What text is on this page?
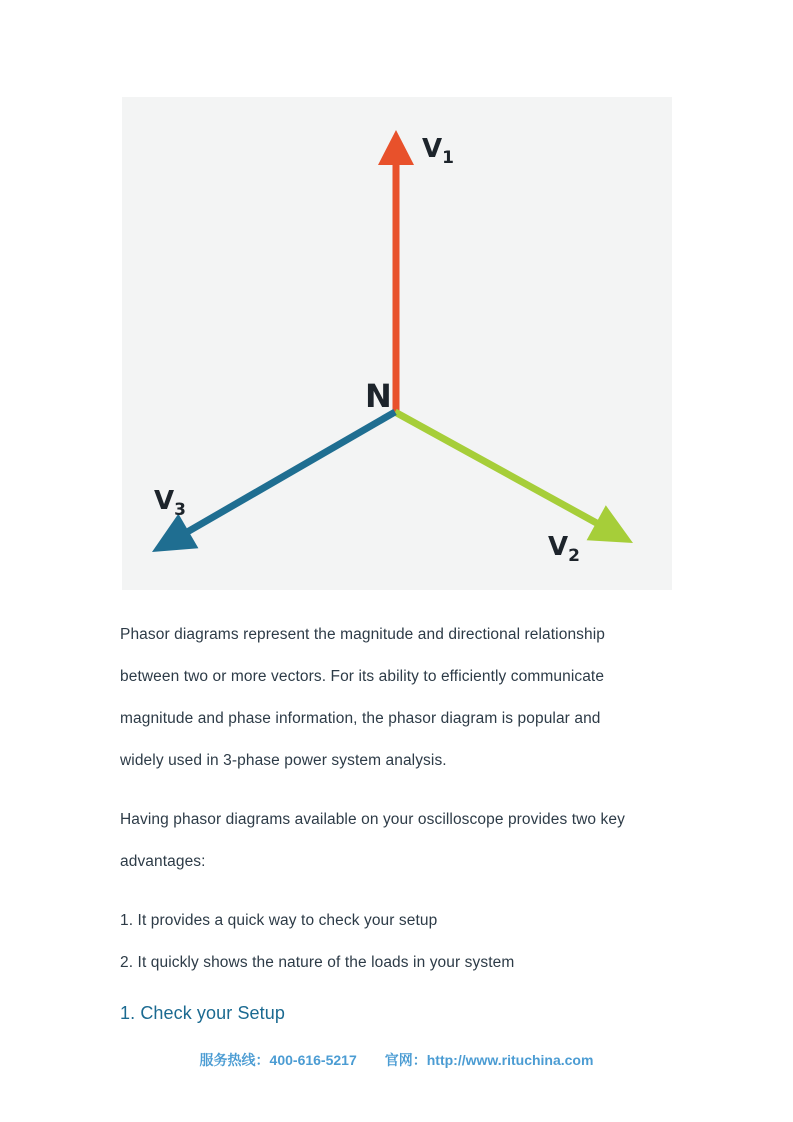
$V_1$
$V_2$
$V_3$
N

Phasor diagrams represent the magnitude and directional relationship
between two or more vectors. For its ability to efficiently communicate
magnitude and phase information, the phasor diagram is popular and
widely used in 3-phase power system analysis.

Having phasor diagrams available on your oscilloscope provides two key
advantages:

1. It provides a quick way to check your setup
2. It quickly shows the nature of the loads in your system
1. Check your Setup
服务热线：400-616-5217 官网：http://www.rituchina.com
